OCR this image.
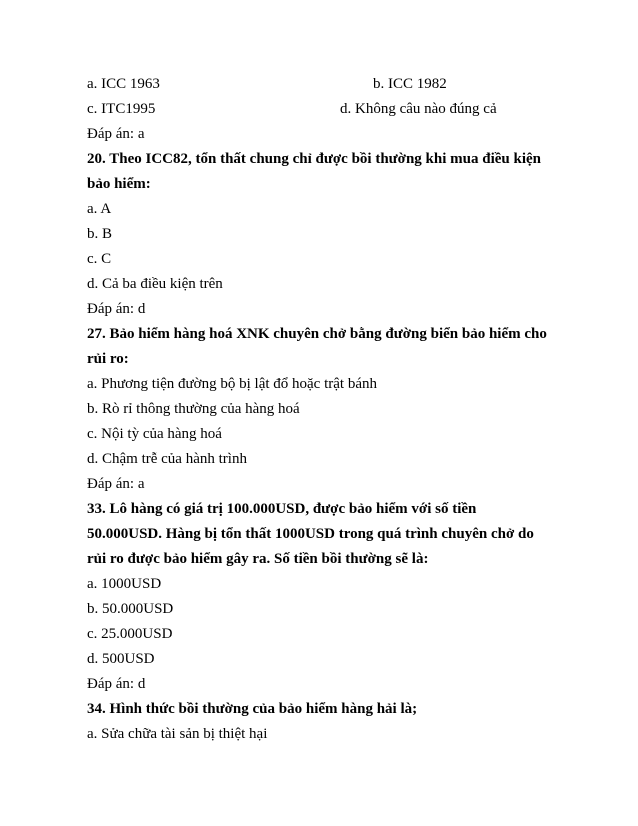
a. ICC 1963	b. ICC 1982
c. ITC1995	d. Không câu nào đúng cả
Đáp án: a
20. Theo ICC82, tổn thất chung chỉ được bồi thường khi mua điều kiện
bảo hiểm:
a. A
b. B
c. C
d. Cả ba điều kiện trên
Đáp án: d
27. Bảo hiểm hàng hoá XNK chuyên chở bằng đường biển bảo hiểm cho
rủi ro:
a. Phương tiện đường bộ bị lật đổ hoặc trật bánh
b. Rò rỉ thông thường của hàng hoá
c. Nội tỳ của hàng hoá
d. Chậm trễ của hành trình
Đáp án: a
33. Lô hàng có giá trị 100.000USD, được bảo hiểm với số tiền
50.000USD. Hàng bị tổn thất 1000USD trong quá trình chuyên chở do
rủi ro được bảo hiểm gây ra. Số tiền bồi thường sẽ là:
a. 1000USD
b. 50.000USD
c. 25.000USD
d. 500USD
Đáp án: d
34. Hình thức bồi thường của bảo hiểm hàng hải là;
a. Sửa chữa tài sản bị thiệt hại
